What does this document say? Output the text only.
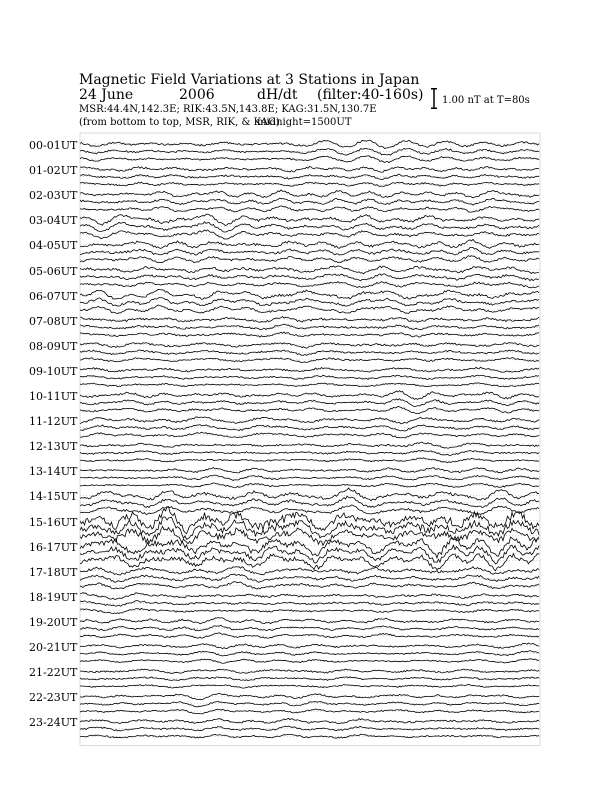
Magnetic Field Variations at 3 Stations in Japan
24 June	2006	dH/dt (filter:40-160s)
MSR:44.4N,142.3E; RIK:43.5N,143.8E; KAG:31.5N,130.7E
(from bottom to top, MSR, RIK, & KAG)
midnight=1500UT
1.00 nT at T=80s
00-01UT
01-02UT
02-03UT
03-04UT
04-05UT
05-06UT
06-07UT
07-08UT
08-09UT
09-10UT
10-11UT
11-12UT
12-13UT
13-14UT
14-15UT
15-16UT
16-17UT
17-18UT
18-19UT
19-20UT
20-21UT
21-22UT
22-23UT
23-24UT
